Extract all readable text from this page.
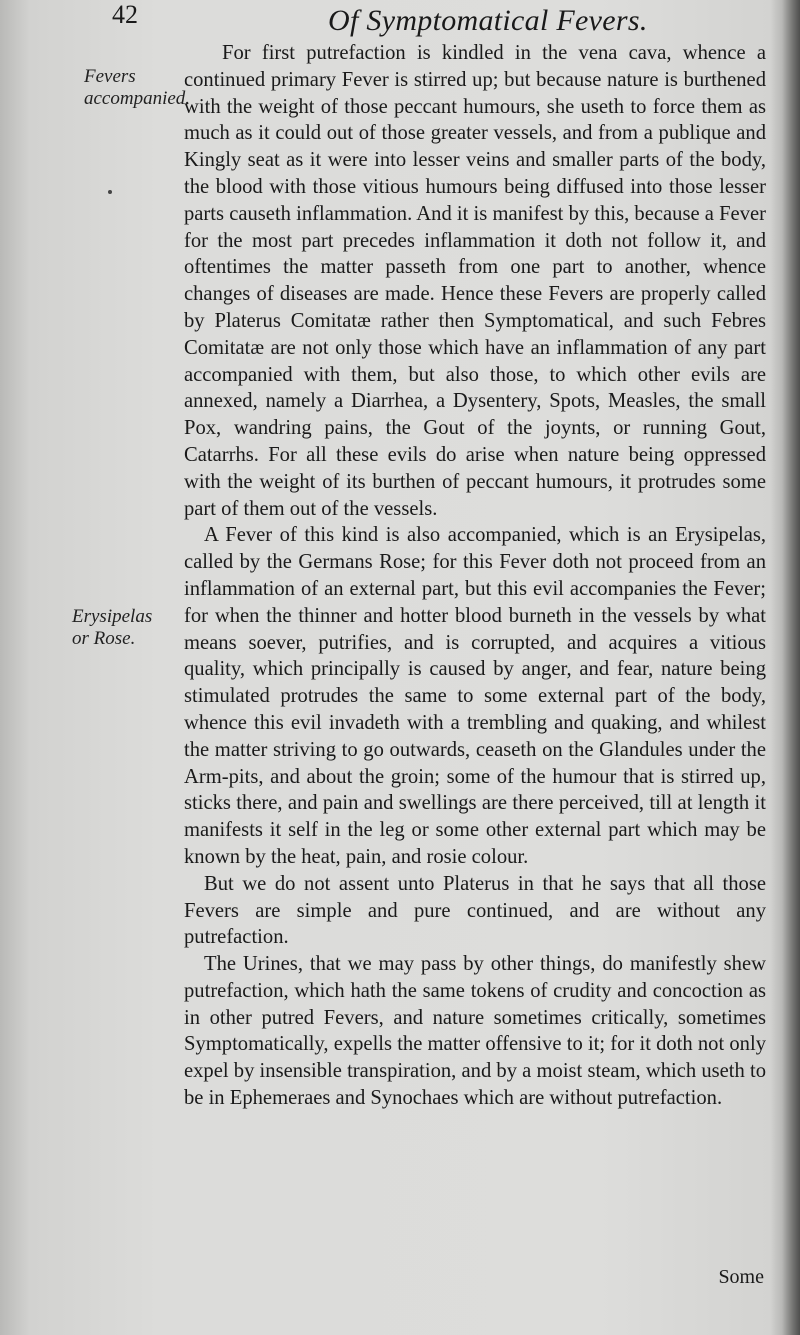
42	Of Symptomatical Fevers.
Fevers accompanied.
Erysipelas or Rose.

For first putrefaction is kindled in the vena cava, whence a continued primary Fever is stirred up; but because nature is burthened with the weight of those peccant humours, she useth to force them as much as it could out of those greater vessels, and from a publique and Kingly seat as it were into lesser veins and smaller parts of the body, the blood with those vitious humours being diffused into those lesser parts causeth inflammation. And it is manifest by this, because a Fever for the most part precedes inflammation it doth not follow it, and oftentimes the matter passeth from one part to another, whence changes of diseases are made. Hence these Fevers are properly called by Platerus Comitatæ rather then Symptomatical, and such Febres Comitatæ are not only those which have an inflammation of any part accompanied with them, but also those, to which other evils are annexed, namely a Diarrhea, a Dysentery, Spots, Measles, the small Pox, wandring pains, the Gout of the joynts, or running Gout, Catarrhs. For all these evils do arise when nature being oppressed with the weight of its burthen of peccant humours, it protrudes some part of them out of the vessels.

A Fever of this kind is also accompanied, which is an Erysipelas, called by the Germans Rose; for this Fever doth not proceed from an inflammation of an external part, but this evil accompanies the Fever; for when the thinner and hotter blood burneth in the vessels by what means soever, putrifies, and is corrupted, and acquires a vitious quality, which principally is caused by anger, and fear, nature being stimulated protrudes the same to some external part of the body, whence this evil invadeth with a trembling and quaking, and whilest the matter striving to go outwards, ceaseth on the Glandules under the Arm-pits, and about the groin; some of the humour that is stirred up, sticks there, and pain and swellings are there perceived, till at length it manifests it self in the leg or some other external part which may be known by the heat, pain, and rosie colour.

But we do not assent unto Platerus in that he says that all those Fevers are simple and pure continued, and are without any putrefaction.

The Urines, that we may pass by other things, do manifestly shew putrefaction, which hath the same tokens of crudity and concoction as in other putred Fevers, and nature sometimes critically, sometimes Symptomatically, expells the matter offensive to it; for it doth not only expel by insensible transpiration, and by a moist steam, which useth to be in Ephemeraes and Synochaes which are without putrefaction.

Some
